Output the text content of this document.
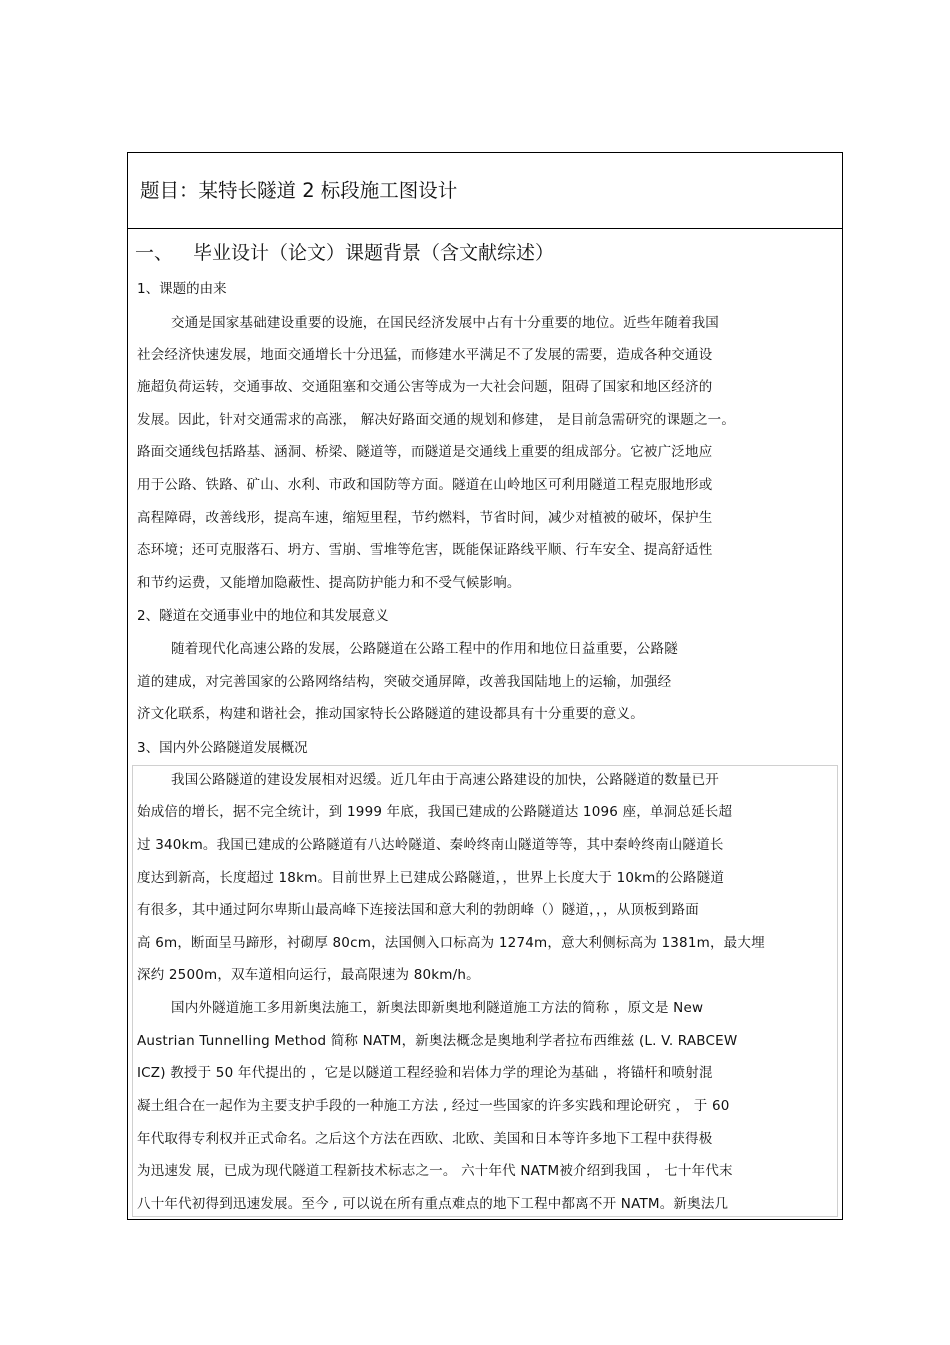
题目：某特长隧道 2 标段施工图设计
一、 毕业设计（论文）课题背景（含文献综述）
1、课题的由来
交通是国家基础建设重要的设施，在国民经济发展中占有十分重要的地位。近些年随着我国
社会经济快速发展，地面交通增长十分迅猛，而修建水平满足不了发展的需要，造成各种交通设
施超负荷运转，交通事故、交通阻塞和交通公害等成为一大社会问题，阻碍了国家和地区经济的
发展。因此，针对交通需求的高涨， 解决好路面交通的规划和修建， 是目前急需研究的课题之一。
路面交通线包括路基、涵洞、桥梁、隧道等，而隧道是交通线上重要的组成部分。它被广泛地应
用于公路、铁路、矿山、水利、市政和国防等方面。隧道在山岭地区可利用隧道工程克服地形或
高程障碍，改善线形，提高车速，缩短里程，节约燃料，节省时间，减少对植被的破坏，保护生
态环境；还可克服落石、坍方、雪崩、雪堆等危害，既能保证路线平顺、行车安全、提高舒适性
和节约运费，又能增加隐蔽性、提高防护能力和不受气候影响。
2、隧道在交通事业中的地位和其发展意义
随着现代化高速公路的发展，公路隧道在公路工程中的作用和地位日益重要，公路隧
道的建成，对完善国家的公路网络结构，突破交通屏障，改善我国陆地上的运输，加强经
济文化联系，构建和谐社会，推动国家特长公路隧道的建设都具有十分重要的意义。
3、国内外公路隧道发展概况
我国公路隧道的建设发展相对迟缓。近几年由于高速公路建设的加快，公路隧道的数量已开
始成倍的增长，据不完全统计，到 1999 年底，我国已建成的公路隧道达 1096 座，单洞总延长超
过 340km。我国已建成的公路隧道有八达岭隧道、秦岭终南山隧道等等，其中秦岭终南山隧道长
度达到新高，长度超过 18km。目前世界上已建成公路隧道，，世界上长度大于 10km的公路隧道
有很多，其中通过阿尔卑斯山最高峰下连接法国和意大利的勃朗峰（）隧道，，，从顶板到路面
高 6m，断面呈马蹄形，衬砌厚 80cm，法国侧入口标高为 1274m，意大利侧标高为 1381m，最大埋
深约 2500m，双车道相向运行，最高限速为 80km/h。
国内外隧道施工多用新奥法施工，新奥法即新奥地利隧道施工方法的简称 ，原文是 New
Austrian Tunnelling Method 简称 NATM，新奥法概念是奥地利学者拉布西维兹 (L. V. RABCEW
ICZ) 教授于 50 年代提出的 ，它是以隧道工程经验和岩体力学的理论为基础 ，将锚杆和喷射混
凝土组合在一起作为主要支护手段的一种施工方法 , 经过一些国家的许多实践和理论研究 ， 于 60
年代取得专利权并正式命名。之后这个方法在西欧、北欧、美国和日本等许多地下工程中获得极
为迅速发 展，已成为现代隧道工程新技术标志之一。 六十年代 NATM被介绍到我国 ， 七十年代末
八十年代初得到迅速发展。至今 , 可以说在所有重点难点的地下工程中都离不开 NATM。新奥法几
